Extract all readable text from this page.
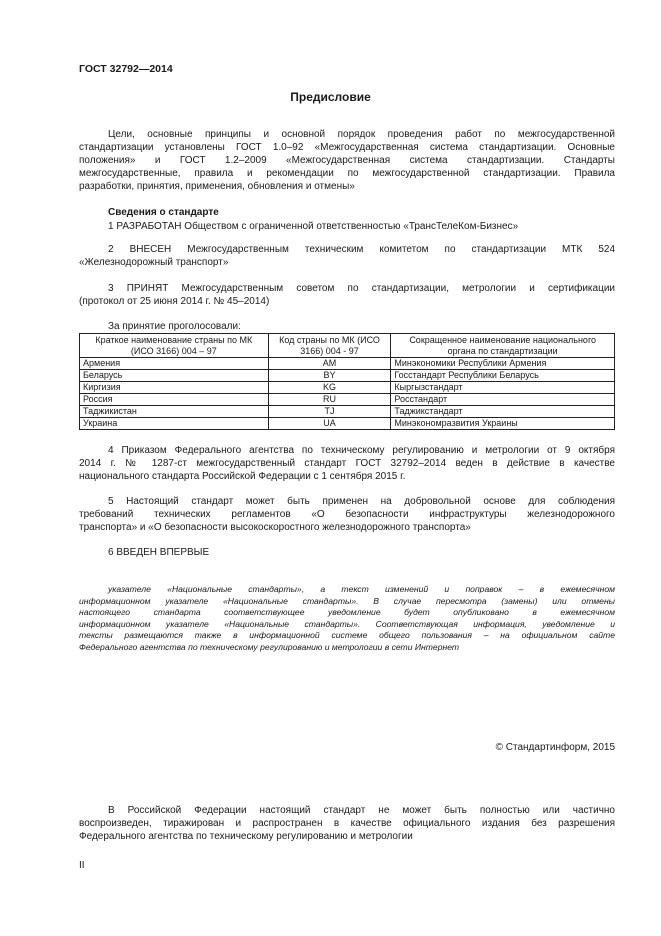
ГОСТ 32792—2014
Предисловие
Цели, основные принципы и основной порядок проведения работ по межгосударственной
стандартизации установлены ГОСТ 1.0–92 «Межгосударственная система стандартизации. Основные
положения» и ГОСТ 1.2–2009 «Межгосударственная система стандартизации. Стандарты
межгосударственные, правила и рекомендации по межгосударственной стандартизации. Правила
разработки, принятия, применения, обновления и отмены»
Сведения о стандарте
1 РАЗРАБОТАН Обществом с ограниченной ответственностью «ТрансТелеКом-Бизнес»
2 ВНЕСЕН Межгосударственным техническим комитетом по стандартизации МТК 524
«Железнодорожный транспорт»
3 ПРИНЯТ Межгосударственным советом по стандартизации, метрологии и сертификации
(протокол от 25 июня 2014 г. № 45–2014)
За принятие проголосовали:
Краткое наименование страны по МК (ИСО 3166) 004 – 97	Код страны по МК (ИСО 3166) 004 - 97	Сокращенное наименование национального органа по стандартизации
Армения	AM	Минэкономики Республики Армения
Беларусь	BY	Госстандарт Республики Беларусь
Киргизия	KG	Кыргызстандарт
Россия	RU	Росстандарт
Таджикистан	TJ	Таджикстандарт
Украина	UA	Минэкономразвития Украины
4 Приказом Федерального агентства по техническому регулированию и метрологии от 9 октября
2014 г. № 1287-ст межгосударственный стандарт ГОСТ 32792–2014 веден в действие в качестве
национального стандарта Российской Федерации с 1 сентября 2015 г.
5 Настоящий стандарт может быть применен на добровольной основе для соблюдения
требований технических регламентов «О безопасности инфраструктуры железнодорожного
транспорта» и «О безопасности высокоскоростного железнодорожного транспорта»
6 ВВЕДЕН ВПЕРВЫЕ
указателе «Национальные стандарты», а текст изменений и поправок – в ежемесячном
информационном указателе «Национальные стандарты». В случае пересмотра (замены) или отмены
настоящего стандарта соответствующее уведомление будет опубликовано в ежемесячном
информационном указателе «Национальные стандарты». Соответствующая информация, уведомление и
тексты размещаются также в информационной системе общего пользования – на официальном сайте
Федерального агентства по техническому регулированию и метрологии в сети Интернет
© Стандартинформ, 2015
В Российской Федерации настоящий стандарт не может быть полностью или частично
воспроизведен, тиражирован и распространен в качестве официального издания без разрешения
Федерального агентства по техническому регулированию и метрологии
II
